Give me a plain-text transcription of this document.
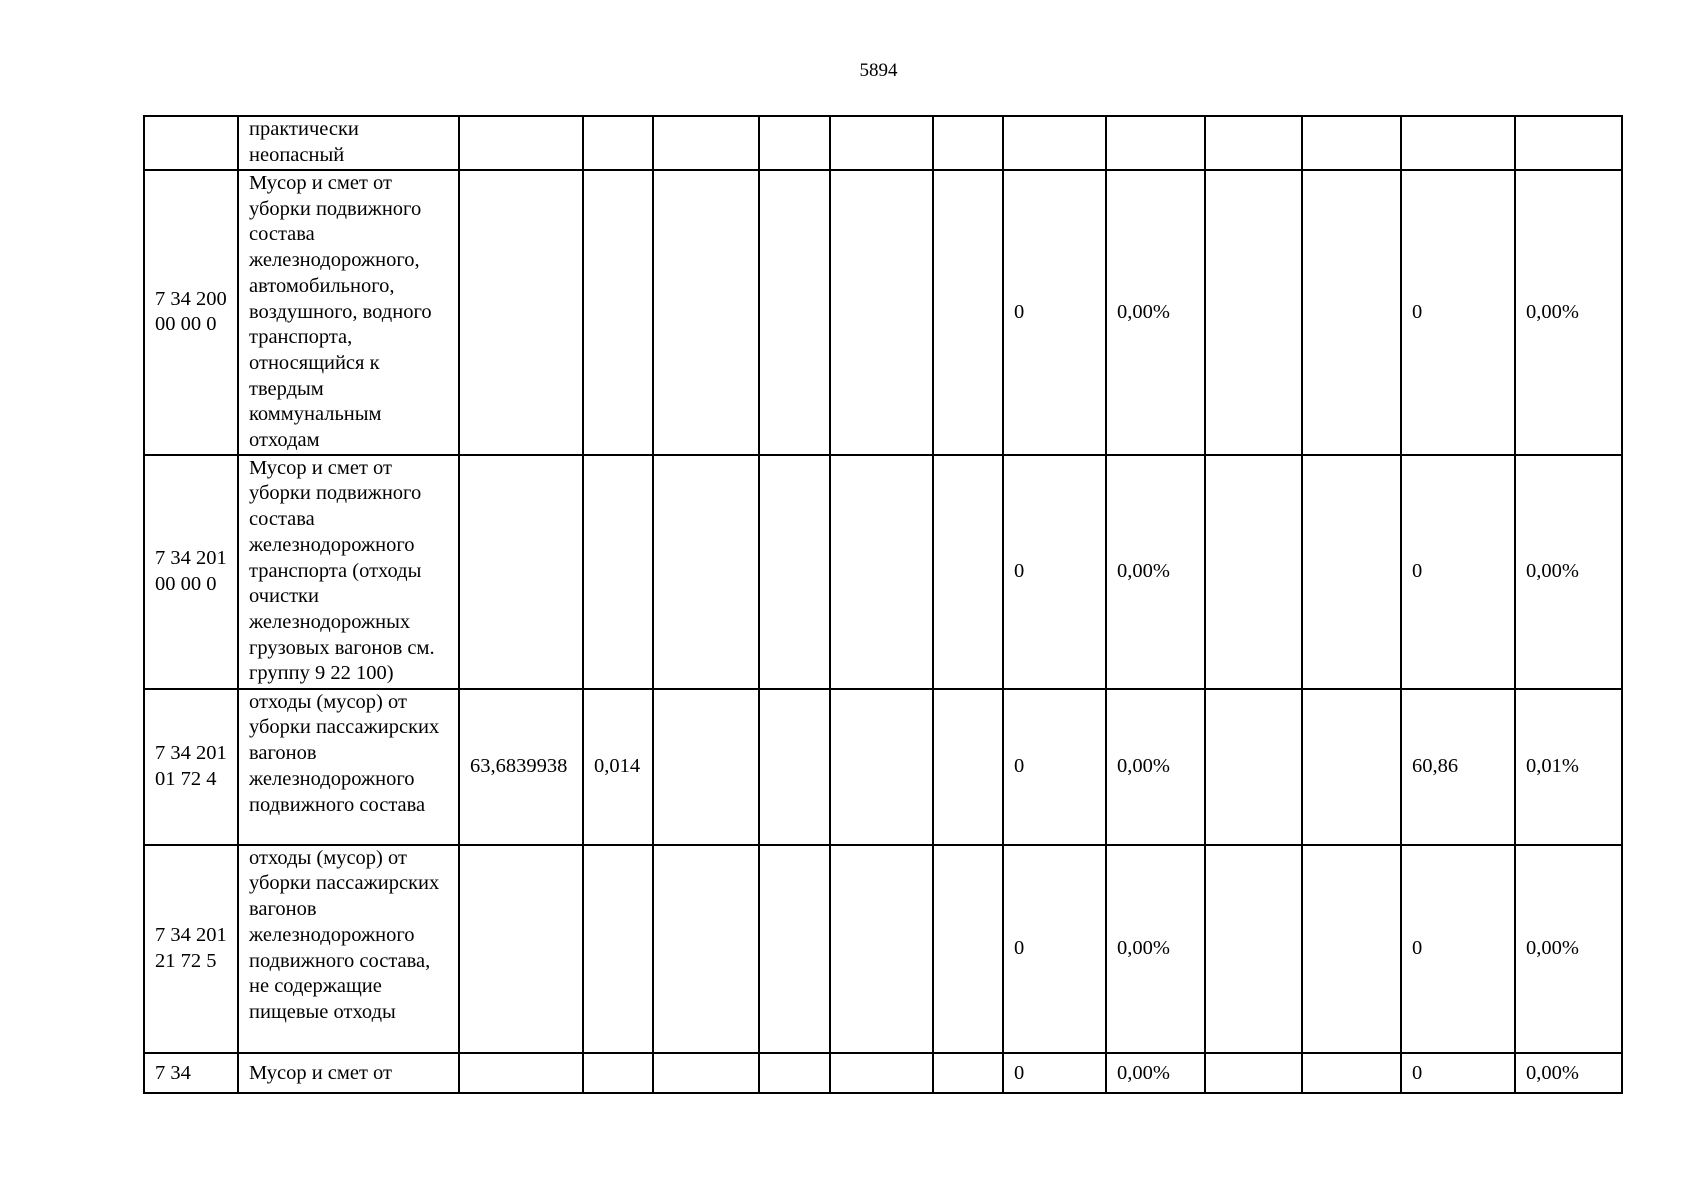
5894
	практически неопасный												
7 34 200 00 00 0	Мусор и смет от уборки подвижного состава железнодорожного, автомобильного, воздушного, водного транспорта, относящийся к твердым коммунальным отходам							0	0,00%			0	0,00%
7 34 201 00 00 0	Мусор и смет от уборки подвижного состава железнодорожного транспорта (отходы очистки железнодорожных грузовых вагонов см. группу 9 22 100)							0	0,00%			0	0,00%
7 34 201 01 72 4	отходы (мусор) от уборки пассажирских вагонов железнодорожного подвижного состава	63,6839938	0,014					0	0,00%			60,86	0,01%
7 34 201 21 72 5	отходы (мусор) от уборки пассажирских вагонов железнодорожного подвижного состава, не содержащие пищевые отходы							0	0,00%			0	0,00%
7 34	Мусор и смет от							0	0,00%			0	0,00%
